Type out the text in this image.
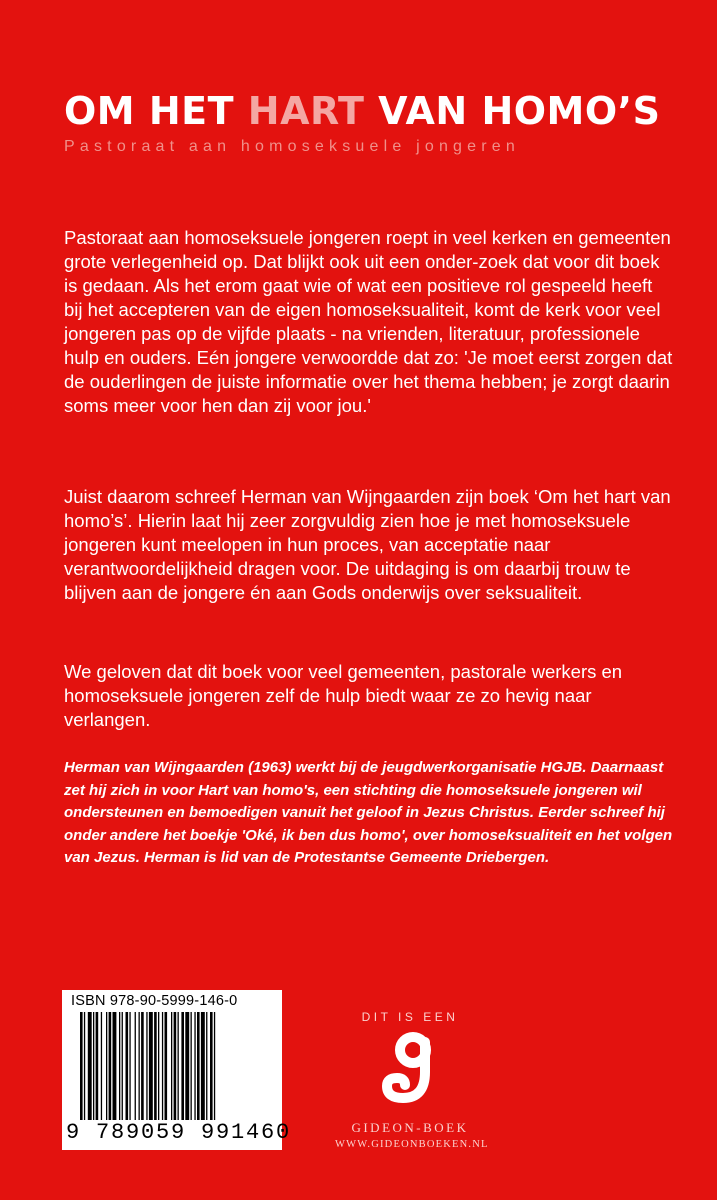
OM HET HART VAN HOMO’S
Pastoraat aan homoseksuele jongeren

Pastoraat aan homoseksuele jongeren roept in veel kerken en gemeenten grote verlegenheid op. Dat blijkt ook uit een onder-zoek dat voor dit boek is gedaan. Als het erom gaat wie of wat een positieve rol gespeeld heeft bij het accepteren van de eigen homoseksualiteit, komt de kerk voor veel jongeren pas op de vijfde plaats - na vrienden, literatuur, professionele hulp en ouders. Eén jongere verwoordde dat zo: 'Je moet eerst zorgen dat de ouderlingen de juiste informatie over het thema hebben; je zorgt daarin soms meer voor hen dan zij voor jou.'

Juist daarom schreef Herman van Wijngaarden zijn boek ‘Om het hart van homo’s’. Hierin laat hij zeer zorgvuldig zien hoe je met homoseksuele jongeren kunt meelopen in hun proces, van acceptatie naar verantwoordelijkheid dragen voor. De uitdaging is om daarbij trouw te blijven aan de jongere én aan Gods onderwijs over seksualiteit.

We geloven dat dit boek voor veel gemeenten, pastorale werkers en homoseksuele jongeren zelf de hulp biedt waar ze zo hevig naar verlangen.

Herman van Wijngaarden (1963) werkt bij de jeugdwerkorganisatie HGJB. Daarnaast zet hij zich in voor Hart van homo's, een stichting die homoseksuele jongeren wil ondersteunen en bemoedigen vanuit het geloof in Jezus Christus. Eerder schreef hij onder andere het boekje 'Oké, ik ben dus homo', over homoseksualiteit en het volgen van Jezus. Herman is lid van de Protestantse Gemeente Driebergen.

ISBN 978-90-5999-146-0
9 789059 991460
DIT IS EEN
GIDEON-BOEK
WWW.GIDEONBOEKEN.NL
